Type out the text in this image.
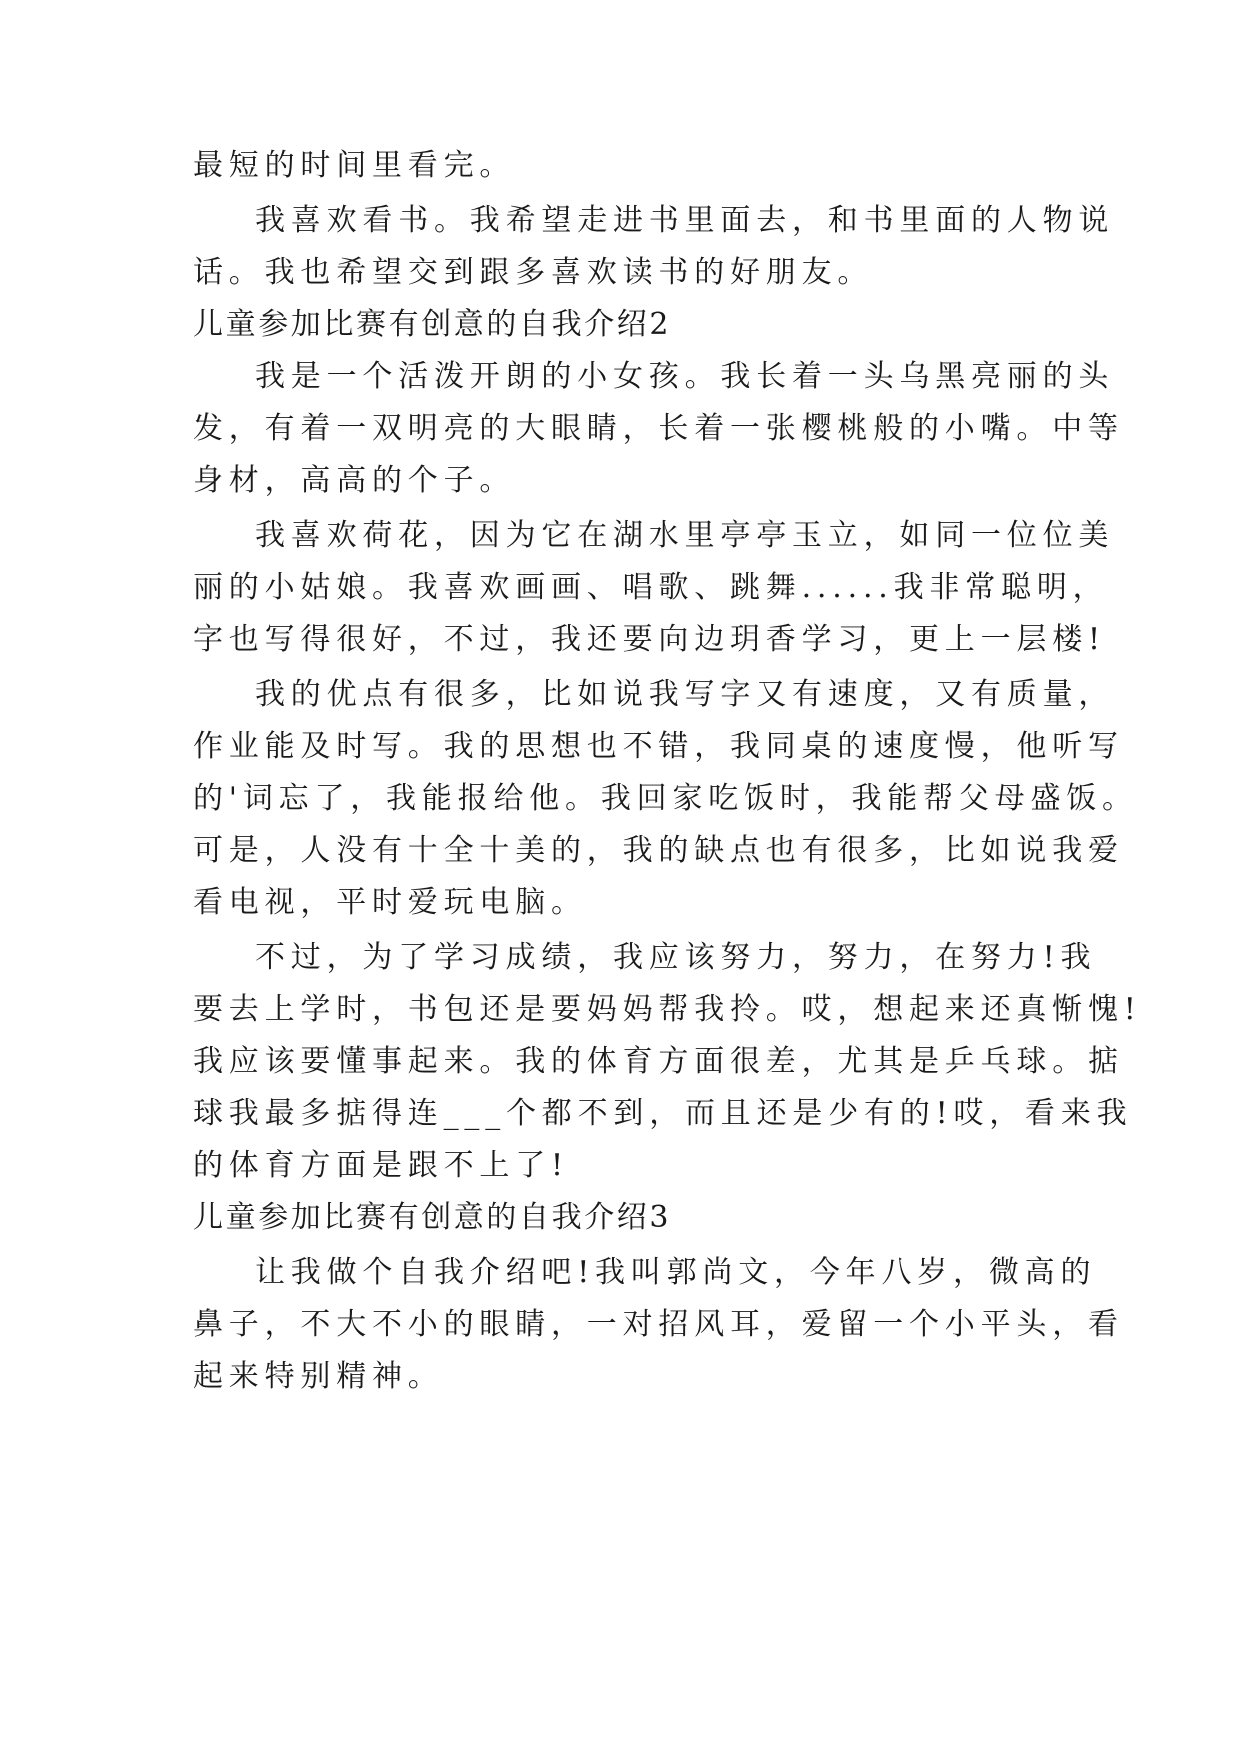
最短的时间里看完。
我喜欢看书。我希望走进书里面去，和书里面的人物说
话。我也希望交到跟多喜欢读书的好朋友。
儿童参加比赛有创意的自我介绍2
我是一个活泼开朗的小女孩。我长着一头乌黑亮丽的头
发，有着一双明亮的大眼睛，长着一张樱桃般的小嘴。中等
身材，高高的个子。
我喜欢荷花，因为它在湖水里亭亭玉立，如同一位位美
丽的小姑娘。我喜欢画画、唱歌、跳舞......我非常聪明，
字也写得很好，不过，我还要向边玥香学习，更上一层楼!
我的优点有很多，比如说我写字又有速度，又有质量，
作业能及时写。我的思想也不错，我同桌的速度慢，他听写
的'词忘了，我能报给他。我回家吃饭时，我能帮父母盛饭。
可是，人没有十全十美的，我的缺点也有很多，比如说我爱
看电视，平时爱玩电脑。
不过，为了学习成绩，我应该努力，努力，在努力!我
要去上学时，书包还是要妈妈帮我拎。哎，想起来还真惭愧!
我应该要懂事起来。我的体育方面很差，尤其是乒乓球。掂
球我最多掂得连___个都不到，而且还是少有的!哎，看来我
的体育方面是跟不上了!
儿童参加比赛有创意的自我介绍3
让我做个自我介绍吧!我叫郭尚文，今年八岁，微高的
鼻子，不大不小的眼睛，一对招风耳，爱留一个小平头，看
起来特别精神。
